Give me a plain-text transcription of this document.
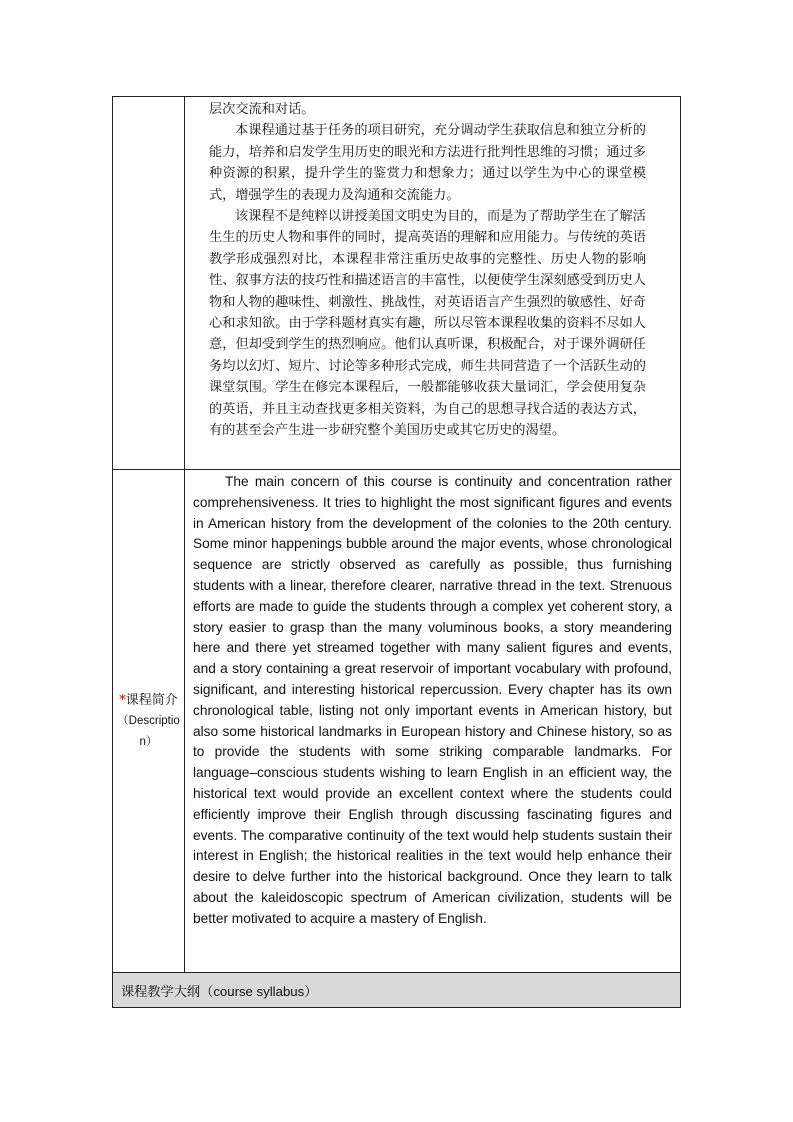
	层次交流和对话。

本课程通过基于任务的项目研究，充分调动学生获取信息和独立分析的能力，培养和启发学生用历史的眼光和方法进行批判性思维的习惯；通过多种资源的积累，提升学生的鉴赏力和想象力；通过以学生为中心的课堂模式，增强学生的表现力及沟通和交流能力。

该课程不是纯粹以讲授美国文明史为目的，而是为了帮助学生在了解活生生的历史人物和事件的同时，提高英语的理解和应用能力。与传统的英语教学形成强烈对比，本课程非常注重历史故事的完整性、历史人物的影响性、叙事方法的技巧性和描述语言的丰富性，以便使学生深刻感受到历史人物和人物的趣味性、刺激性、挑战性，对英语语言产生强烈的敏感性、好奇心和求知欲。由于学科题材真实有趣，所以尽管本课程收集的资料不尽如人意，但却受到学生的热烈响应。他们认真听课，积极配合，对于课外调研任务均以幻灯、短片、讨论等多种形式完成，师生共同营造了一个活跃生动的课堂氛围。学生在修完本课程后，一般都能够收获大量词汇，学会使用复杂的英语，并且主动查找更多相关资料，为自己的思想寻找合适的表达方式，有的甚至会产生进一步研究整个美国历史或其它历史的渴望。

*课程简介
（Description）	The main concern of this course is continuity and concentration rather comprehensiveness. It tries to highlight the most significant figures and events in American history from the development of the colonies to the 20th century. Some minor happenings bubble around the major events, whose chronological sequence are strictly observed as carefully as possible, thus furnishing students with a linear, therefore clearer, narrative thread in the text. Strenuous efforts are made to guide the students through a complex yet coherent story, a story easier to grasp than the many voluminous books, a story meandering here and there yet streamed together with many salient figures and events, and a story containing a great reservoir of important vocabulary with profound, significant, and interesting historical repercussion. Every chapter has its own chronological table, listing not only important events in American history, but also some historical landmarks in European history and Chinese history, so as to provide the students with some striking comparable landmarks. For language–conscious students wishing to learn English in an efficient way, the historical text would provide an excellent context where the students could efficiently improve their English through discussing fascinating figures and events. The comparative continuity of the text would help students sustain their interest in English; the historical realities in the text would help enhance their desire to delve further into the historical background. Once they learn to talk about the kaleidoscopic spectrum of American civilization, students will be better motivated to acquire a mastery of English.

课程教学大纲（course syllabus）	
